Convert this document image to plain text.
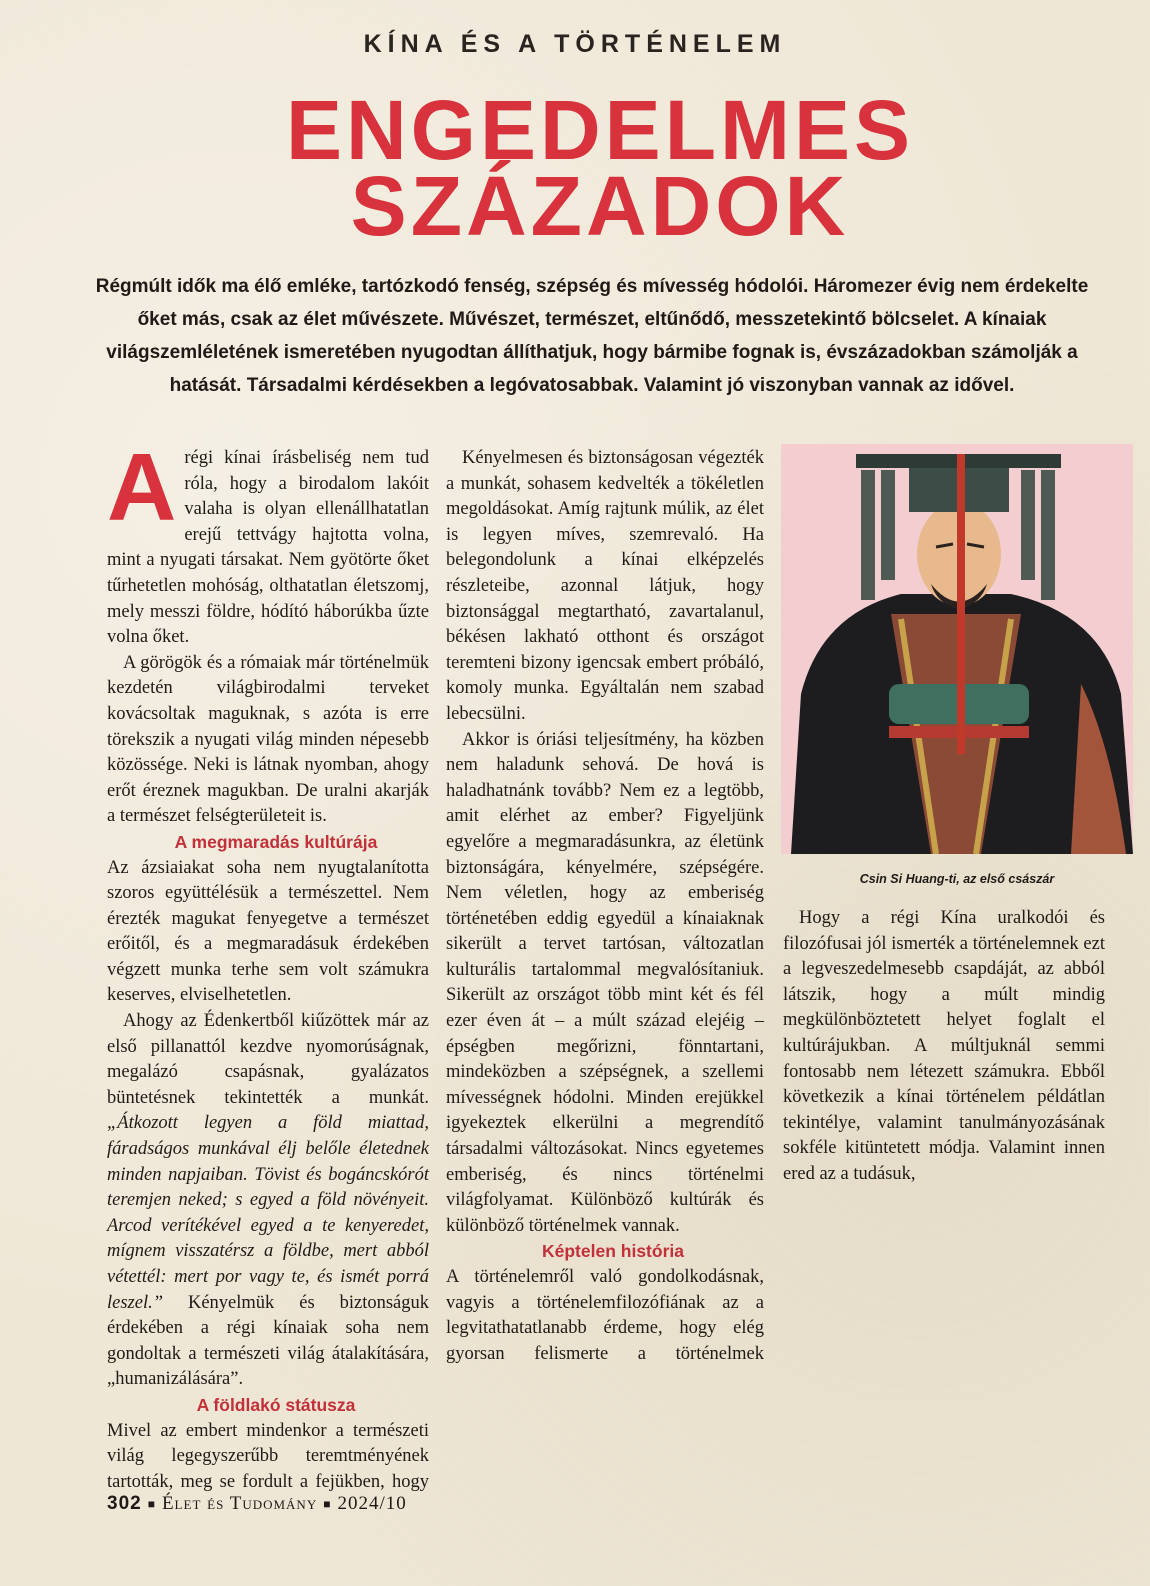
KÍNA ÉS A TÖRTÉNELEM
ENGEDELMES
SZÁZADOK
Régmúlt idők ma élő emléke, tartózkodó fenség, szépség és mívesség hódolói. Háromezer évig nem érdekelte őket más, csak az élet művészete. Művészet, természet, eltűnődő, messzetekintő bölcselet. A kínaiak világszemléletének ismeretében nyugodtan állíthatjuk, hogy bármibe fognak is, évszázadokban számolják a hatását. Társadalmi kérdésekben a legóvatosabbak. Valamint jó viszonyban vannak az idővel.

Arégi kínai írásbeliség nem tud róla, hogy a birodalom lakóit valaha is olyan ellenállhatatlan erejű tettvágy hajtotta volna, mint a nyugati társakat. Nem gyötörte őket tűrhetetlen mohóság, olthatatlan életszomj, mely messzi földre, hódító háborúkba űzte volna őket.

A görögök és a rómaiak már történelmük kezdetén világbirodalmi terveket kovácsoltak maguknak, s azóta is erre törekszik a nyugati világ minden népesebb közössége. Neki is látnak nyomban, ahogy erőt éreznek magukban. De uralni akarják a természet felségterületeit is.

A megmaradás kultúrája

Az ázsiaiakat soha nem nyugtalanította szoros együttélésük a természettel. Nem érezték magukat fenyegetve a természet erőitől, és a megmaradásuk érdekében végzett munka terhe sem volt számukra keserves, elviselhetetlen.

Ahogy az Édenkertből kiűzöttek már az első pillanattól kezdve nyomorúságnak, megalázó csapásnak, gyalázatos büntetésnek tekintették a munkát. „Átkozott legyen a föld miattad, fáradságos munkával élj belőle életednek minden napjaiban. Tövist és bogáncskórót teremjen neked; s egyed a föld növényeit. Arcod verítékével egyed a te kenyeredet, mígnem visszatérsz a földbe, mert abból vétettél: mert por vagy te, és ismét porrá leszel.” Kényelmük és biztonságuk érdekében a régi kínaiak soha nem gondoltak a természeti világ átalakítására, „humanizálására”.

A földlakó státusza

Mivel az embert mindenkor a természeti világ legegyszerűbb teremtményének tartották, meg se fordult a fejükben, hogy

Kényelmesen és biztonságosan végezték a munkát, sohasem kedvelték a tökéletlen megoldásokat. Amíg rajtunk múlik, az élet is legyen míves, szemrevaló. Ha belegondolunk a kínai elképzelés részleteibe, azonnal látjuk, hogy biztonsággal megtartható, zavartalanul, békésen lakható otthont és országot teremteni bizony igencsak embert próbáló, komoly munka. Egyáltalán nem szabad lebecsülni.

Akkor is óriási teljesítmény, ha közben nem haladunk sehová. De hová is haladhatnánk tovább? Nem ez a legtöbb, amit elérhet az ember? Figyeljünk egyelőre a megmaradásunkra, az életünk biztonságára, kényelmére, szépségére. Nem véletlen, hogy az emberiség történetében eddig egyedül a kínaiaknak sikerült a tervet tartósan, változatlan kulturális tartalommal megvalósítaniuk. Sikerült az országot több mint két és fél ezer éven át – a múlt század elejéig – épségben megőrizni, fönntartani, mindeközben a szépségnek, a szellemi mívességnek hódolni. Minden erejükkel igyekeztek elkerülni a megrendítő társadalmi változásokat. Nincs egyetemes emberiség, és nincs történelmi világfolyamat. Különböző kultúrák és különböző történelmek vannak.

Képtelen história

A történelemről való gondolkodásnak, vagyis a történelemfilozófiának az a legvitathatatlanabb érdeme, hogy elég gyorsan felismerte a történelmek

Csin Si Huang-ti, az első császár

Hogy a régi Kína uralkodói és filozófusai jól ismerték a történelemnek ezt a legveszedelmesebb csapdáját, az abból látszik, hogy a múlt mindig megkülönböztetett helyet foglalt el kultúrájukban. A múltjuknál semmi fontosabb nem létezett számukra. Ebből következik a kínai történelem példátlan tekintélye, valamint tanulmányozásának sokféle kitüntetett módja. Valamint innen ered az a tudásuk,

302 ■ Élet és Tudomány ■ 2024/10
